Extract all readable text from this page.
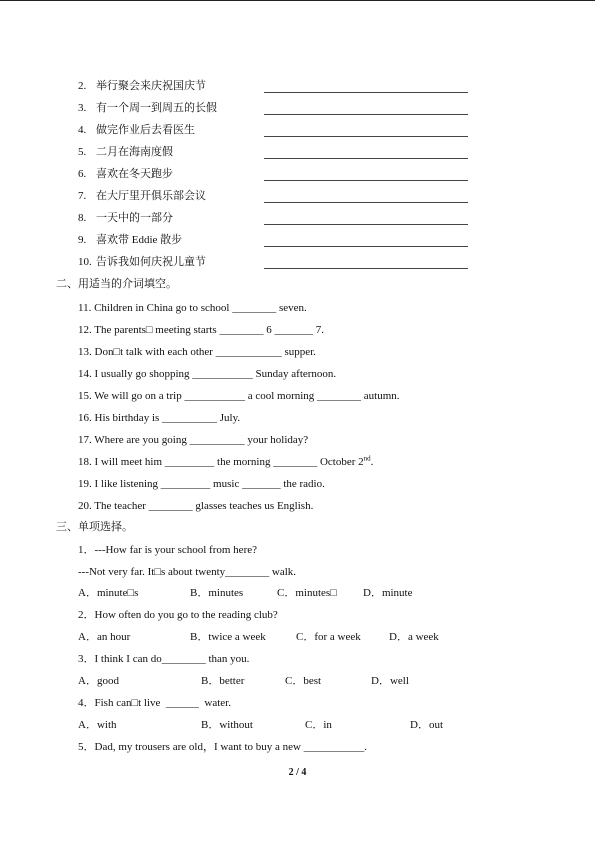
2. 举行聚会来庆祝国庆节
3. 有一个周一到周五的长假
4. 做完作业后去看医生
5. 二月在海南度假
6. 喜欢在冬天跑步
7. 在大厅里开俱乐部会议
8. 一天中的一部分
9. 喜欢带 Eddie 散步
10. 告诉我如何庆祝儿童节
二、用适当的介词填空。
11. Children in China go to school ________ seven.
12. The parents□ meeting starts ________ 6 _______ 7.
13. Don□t talk with each other ____________ supper.
14. I usually go shopping ___________ Sunday afternoon.
15. We will go on a trip ___________ a cool morning ________ autumn.
16. His birthday is __________ July.
17. Where are you going __________ your holiday?
18. I will meet him _________ the morning ________ October 2nd.
19. I like listening _________ music _______ the radio.
20. The teacher ________ glasses teaches us English.
三、单项选择。
1．---How far is your school from here?
---Not very far. It□s about twenty________ walk.
A．minute□s	B．minutes	C．minutes□ D．minute
2．How often do you go to the reading club?
A．an hour	B．twice a week	C．for a week	D．a week
3．I think I can do________ than you.
A．good	B．better	C．best	D．well
4．Fish can□t live  ______  water.
A．with	B．without	C．in	D．out
5．Dad, my trousers are old，I want to buy a new ___________.
2 / 4
